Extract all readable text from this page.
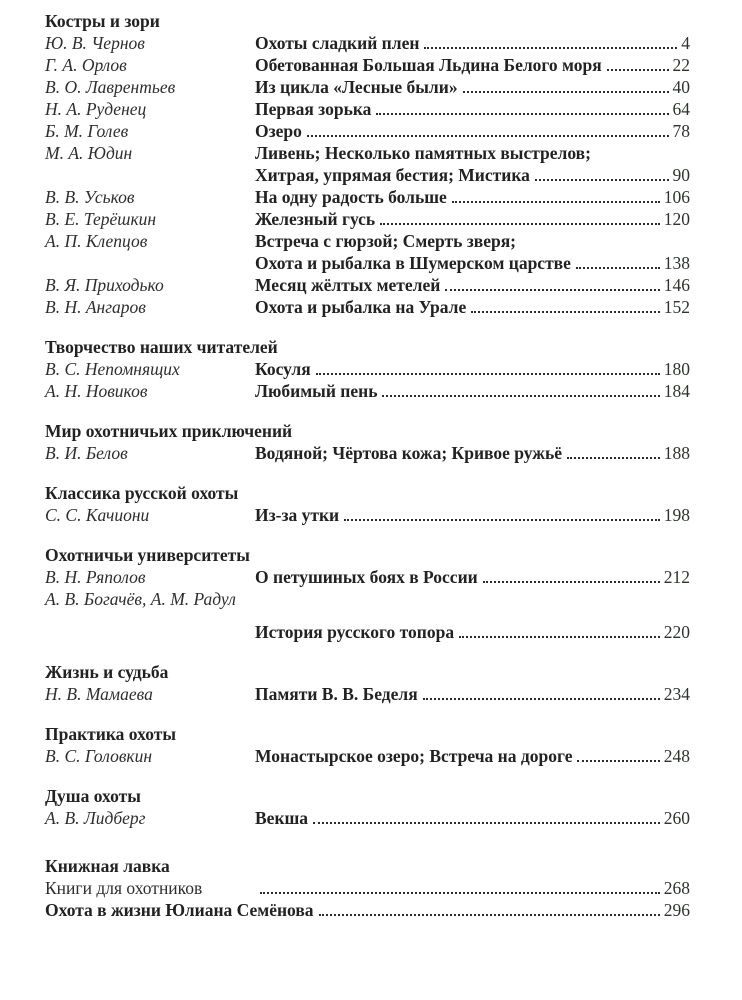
Костры и зори
Ю. В. Чернов	Охоты сладкий плен	4
Г. А. Орлов	Обетованная Большая Льдина Белого моря	22
В. О. Лаврентьев	Из цикла «Лесные были»	40
Н. А. Руденец	Первая зорька	64
Б. М. Голев	Озеро	78
М. А. Юдин	Ливень; Несколько памятных выстрелов;
Хитрая, упрямая бестия; Мистика	90
В. В. Уськов	На одну радость больше	106
В. Е. Терёшкин	Железный гусь	120
А. П. Клепцов	Встреча с гюрзой; Смерть зверя;
Охота и рыбалка в Шумерском царстве	138
В. Я. Приходько	Месяц жёлтых метелей	146
В. Н. Ангаров	Охота и рыбалка на Урале	152
Творчество наших читателей
В. С. Непомнящих	Косуля	180
А. Н. Новиков	Любимый пень	184
Мир охотничьих приключений
В. И. Белов	Водяной; Чёртова кожа; Кривое ружьё	188
Классика русской охоты
С. С. Качиони	Из-за утки	198
Охотничьи университеты
В. Н. Ряполов	О петушиных боях в России	212
А. В. Богачёв, А. М. Радул
История русского топора	220
Жизнь и судьба
Н. В. Мамаева	Памяти В. В. Беделя	234
Практика охоты
В. С. Головкин	Монастырское озеро; Встреча на дороге	248
Душа охоты
А. В. Лидберг	Векша	260
Книжная лавка
Книги для охотников	268
Охота в жизни Юлиана Семёнова	296
